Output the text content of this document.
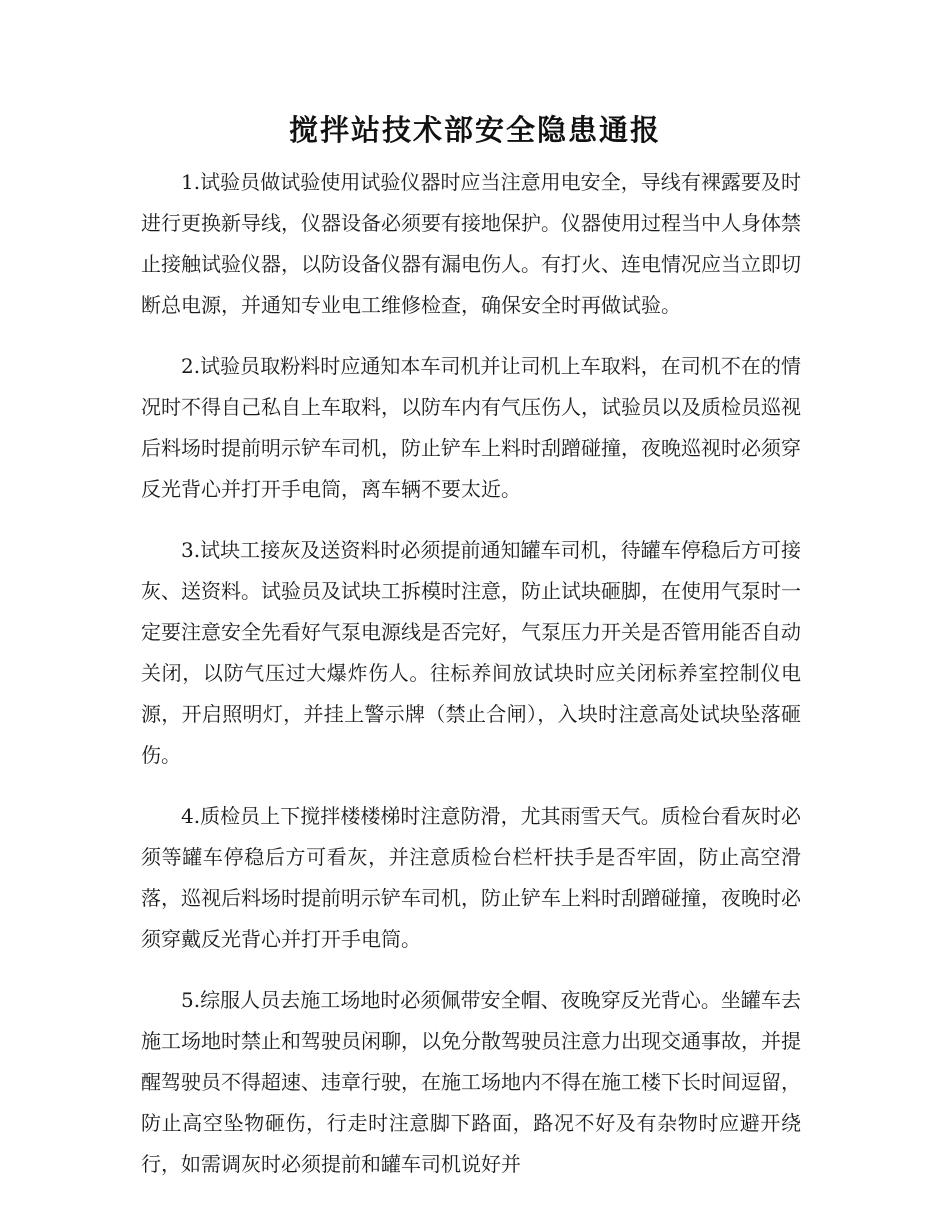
搅拌站技术部安全隐患通报

1.试验员做试验使用试验仪器时应当注意用电安全，导线有裸露要及时进行更换新导线，仪器设备必须要有接地保护。仪器使用过程当中人身体禁止接触试验仪器，以防设备仪器有漏电伤人。有打火、连电情况应当立即切断总电源，并通知专业电工维修检查，确保安全时再做试验。

2.试验员取粉料时应通知本车司机并让司机上车取料，在司机不在的情况时不得自己私自上车取料，以防车内有气压伤人，试验员以及质检员巡视后料场时提前明示铲车司机，防止铲车上料时刮蹭碰撞，夜晚巡视时必须穿反光背心并打开手电筒，离车辆不要太近。

3.试块工接灰及送资料时必须提前通知罐车司机，待罐车停稳后方可接灰、送资料。试验员及试块工拆模时注意，防止试块砸脚，在使用气泵时一定要注意安全先看好气泵电源线是否完好，气泵压力开关是否管用能否自动关闭，以防气压过大爆炸伤人。往标养间放试块时应关闭标养室控制仪电源，开启照明灯，并挂上警示牌（禁止合闸），入块时注意高处试块坠落砸伤。

4.质检员上下搅拌楼楼梯时注意防滑，尤其雨雪天气。质检台看灰时必须等罐车停稳后方可看灰，并注意质检台栏杆扶手是否牢固，防止高空滑落，巡视后料场时提前明示铲车司机，防止铲车上料时刮蹭碰撞，夜晚时必须穿戴反光背心并打开手电筒。

5.综服人员去施工场地时必须佩带安全帽、夜晚穿反光背心。坐罐车去施工场地时禁止和驾驶员闲聊，以免分散驾驶员注意力出现交通事故，并提醒驾驶员不得超速、违章行驶，在施工场地内不得在施工楼下长时间逗留，防止高空坠物砸伤，行走时注意脚下路面，路况不好及有杂物时应避开绕行，如需调灰时必须提前和罐车司机说好并
